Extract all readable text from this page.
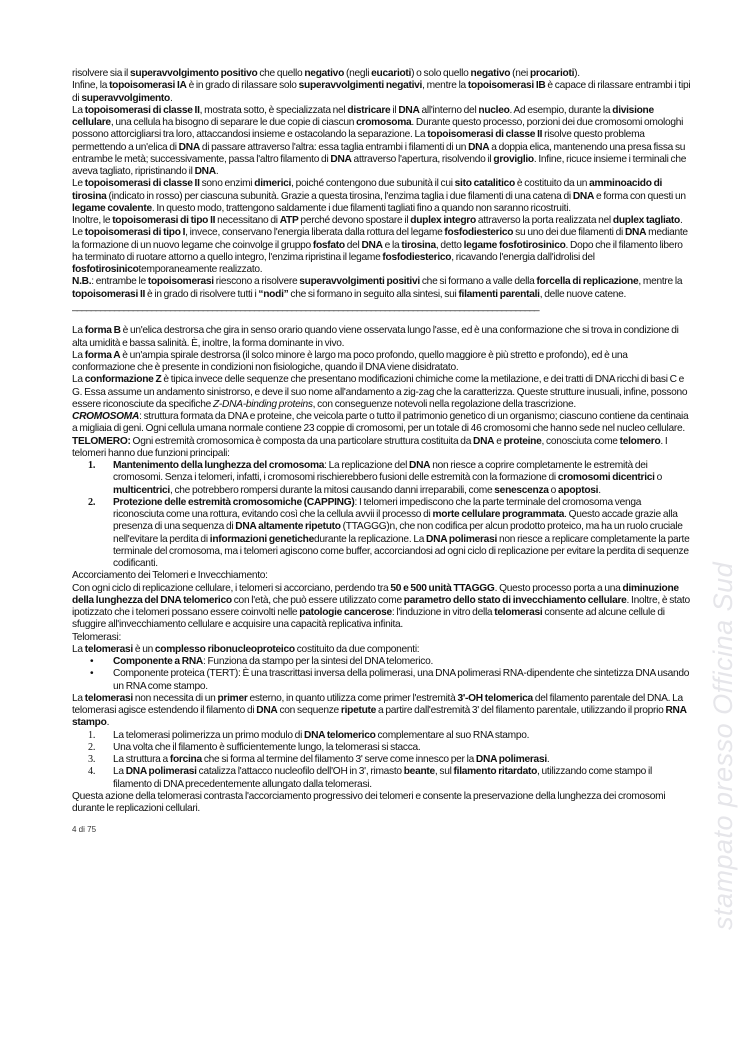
stampato presso Officina Sud

risolvere sia il superavvolgimento positivo che quello negativo (negli eucarioti) o solo quello negativo (nei procarioti).

Infine, la topoisomerasi IA è in grado di rilassare solo superavvolgimenti negativi, mentre la topoisomerasi IB è capace di rilassare entrambi i tipi di superavvolgimento.

La topoisomerasi di classe II, mostrata sotto, è specializzata nel districare il DNA all'interno del nucleo. Ad esempio, durante la divisione cellulare, una cellula ha bisogno di separare le due copie di ciascun cromosoma. Durante questo processo, porzioni dei due cromosomi omologhi possono attorcigliarsi tra loro, attaccandosi insieme e ostacolando la separazione. La topoisomerasi di classe II risolve questo problema permettendo a un'elica di DNA di passare attraverso l'altra: essa taglia entrambi i filamenti di un DNA a doppia elica, mantenendo una presa fissa su entrambe le metà; successivamente, passa l'altro filamento di DNA attraverso l'apertura, risolvendo il groviglio. Infine, ricuce insieme i terminali che aveva tagliato, ripristinando il DNA.

Le topoisomerasi di classe II sono enzimi dimerici, poiché contengono due subunità il cui sito catalitico è costituito da un amminoacido di tirosina (indicato in rosso) per ciascuna subunità. Grazie a questa tirosina, l'enzima taglia i due filamenti di una catena di DNA e forma con questi un legame covalente. In questo modo, trattengono saldamente i due filamenti tagliati fino a quando non saranno ricostruiti.

Inoltre, le topoisomerasi di tipo II necessitano di ATP perché devono spostare il duplex integro attraverso la porta realizzata nel duplex tagliato. Le topoisomerasi di tipo I, invece, conservano l'energia liberata dalla rottura del legame fosfodiesterico su uno dei due filamenti di DNA mediante la formazione di un nuovo legame che coinvolge il gruppo fosfato del DNA e la tirosina, detto legame fosfotirosinico. Dopo che il filamento libero ha terminato di ruotare attorno a quello integro, l'enzima ripristina il legame fosfodiesterico, ricavando l'energia dall'idrolisi del fosfotirosinicotemporaneamente realizzato.

N.B.: entrambe le topoisomerasi riescono a risolvere superavvolgimenti positivi che si formano a valle della forcella di replicazione, mentre la topoisomerasi II è in grado di risolvere tutti i “nodi” che si formano in seguito alla sintesi, sui filamenti parentali, delle nuove catene.

____________________________________________________________________________________________________

La forma B è un'elica destrorsa che gira in senso orario quando viene osservata lungo l'asse, ed è una conformazione che si trova in condizione di alta umidità e bassa salinità. È, inoltre, la forma dominante in vivo.

La forma A è un'ampia spirale destrorsa (il solco minore è largo ma poco profondo, quello maggiore è più stretto e profondo), ed è una conformazione che è presente in condizioni non fisiologiche, quando il DNA viene disidratato.

La conformazione Z è tipica invece delle sequenze che presentano modificazioni chimiche come la metilazione, e dei tratti di DNA ricchi di basi C e G. Essa assume un andamento sinistrorso, e deve il suo nome all'andamento a zig-zag che la caratterizza. Queste strutture inusuali, infine, possono essere riconosciute da specifiche Z-DNA-binding proteins, con conseguenze notevoli nella regolazione della trascrizione.

CROMOSOMA: struttura formata da DNA e proteine, che veicola parte o tutto il patrimonio genetico di un organismo; ciascuno contiene da centinaia a migliaia di geni. Ogni cellula umana normale contiene 23 coppie di cromosomi, per un totale di 46 cromosomi che hanno sede nel nucleo cellulare.

TELOMERO: Ogni estremità cromosomica è composta da una particolare struttura costituita da DNA e proteine, conosciuta come telomero. I telomeri hanno due funzioni principali:

1. Mantenimento della lunghezza del cromosoma: La replicazione del DNA non riesce a coprire completamente le estremità dei cromosomi. Senza i telomeri, infatti, i cromosomi rischierebbero fusioni delle estremità con la formazione di cromosomi dicentrici o multicentrici, che potrebbero rompersi durante la mitosi causando danni irreparabili, come senescenza o apoptosi.
2. Protezione delle estremità cromosomiche (CAPPING): I telomeri impediscono che la parte terminale del cromosoma venga riconosciuta come una rottura, evitando così che la cellula avvii il processo di morte cellulare programmata. Questo accade grazie alla presenza di una sequenza di DNA altamente ripetuto (TTAGGG)n, che non codifica per alcun prodotto proteico, ma ha un ruolo cruciale nell'evitare la perdita di informazioni genetichedurante la replicazione. La DNA polimerasi non riesce a replicare completamente la parte terminale del cromosoma, ma i telomeri agiscono come buffer, accorciandosi ad ogni ciclo di replicazione per evitare la perdita di sequenze codificanti.

Accorciamento dei Telomeri e Invecchiamento:

Con ogni ciclo di replicazione cellulare, i telomeri si accorciano, perdendo tra 50 e 500 unità TTAGGG. Questo processo porta a una diminuzione della lunghezza del DNA telomerico con l'età, che può essere utilizzato come parametro dello stato di invecchiamento cellulare. Inoltre, è stato ipotizzato che i telomeri possano essere coinvolti nelle patologie cancerose: l'induzione in vitro della telomerasi consente ad alcune cellule di sfuggire all'invecchiamento cellulare e acquisire una capacità replicativa infinita.

Telomerasi:

La telomerasi è un complesso ribonucleoproteico costituito da due componenti:

• Componente a RNA: Funziona da stampo per la sintesi del DNA telomerico.
• Componente proteica (TERT): È una trascrittasi inversa della polimerasi, una DNA polimerasi RNA-dipendente che sintetizza DNA usando un RNA come stampo.

La telomerasi non necessita di un primer esterno, in quanto utilizza come primer l'estremità 3'-OH telomerica del filamento parentale del DNA. La telomerasi agisce estendendo il filamento di DNA con sequenze ripetute a partire dall'estremità 3' del filamento parentale, utilizzando il proprio RNA stampo.

1. La telomerasi polimerizza un primo modulo di DNA telomerico complementare al suo RNA stampo.
2. Una volta che il filamento è sufficientemente lungo, la telomerasi si stacca.
3. La struttura a forcina che si forma al termine del filamento 3' serve come innesco per la DNA polimerasi.
4. La DNA polimerasi catalizza l'attacco nucleofilo dell'OH in 3', rimasto beante, sul filamento ritardato, utilizzando come stampo il filamento di DNA precedentemente allungato dalla telomerasi.

Questa azione della telomerasi contrasta l'accorciamento progressivo dei telomeri e consente la preservazione della lunghezza dei cromosomi durante le replicazioni cellulari.

4 di 75
